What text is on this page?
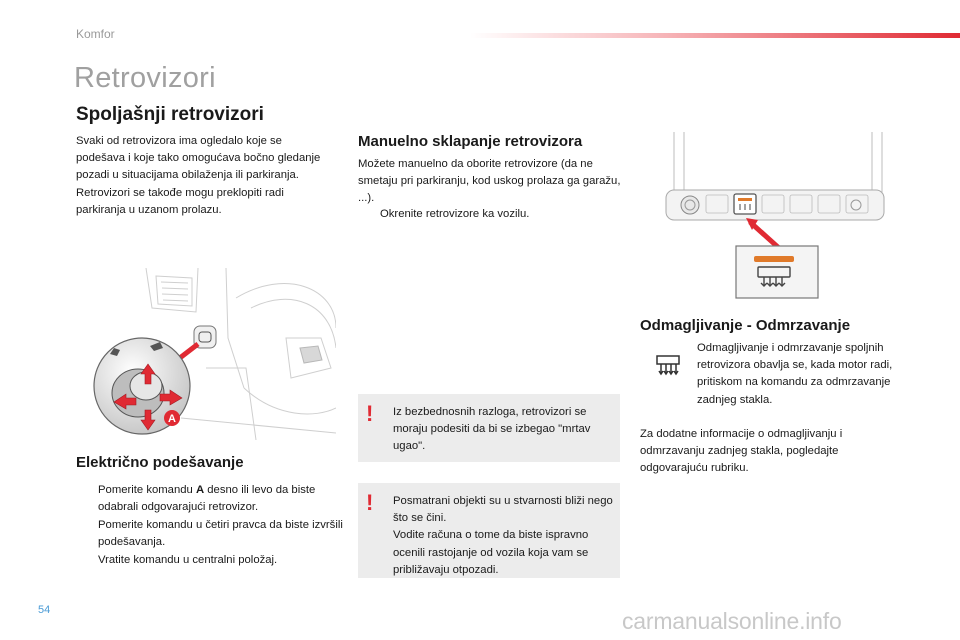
Komfor
Retrovizori
Spoljašnji retrovizori

Svaki od retrovizora ima ogledalo koje se podešava i koje tako omogućava bočno gledanje pozadi u situacijama obilaženja ili parkiranja. Retrovizori se takođe mogu preklopiti radi parkiranja u uzanom prolazu.

A
Električno podešavanje
Pomerite komandu A desno ili levo da biste odabrali odgovarajući retrovizor.
Pomerite komandu u četiri pravca da biste izvršili podešavanja.
Vratite komandu u centralni položaj.
Manuelno sklapanje retrovizora

Možete manuelno da oborite retrovizore (da ne smetaju pri parkiranju, kod uskog prolaza ga garažu, ...).

Okrenite retrovizore ka vozilu.
! Iz bezbednosnih razloga, retrovizori se moraju podesiti da bi se izbegao "mrtav ugao".
! Posmatrani objekti su u stvarnosti bliži nego što se čini.
Vodite računa o tome da biste ispravno ocenili rastojanje od vozila koja vam se približavaju otpozadi.
Odmagljivanje - Odmrzavanje

Odmagljivanje i odmrzavanje spoljnih retrovizora obavlja se, kada motor radi, pritiskom na komandu za odmrzavanje zadnjeg stakla.

Za dodatne informacije o odmagljivanju i odmrzavanju zadnjeg stakla, pogledajte odgovarajuću rubriku.

54	carmanualsonline.info
